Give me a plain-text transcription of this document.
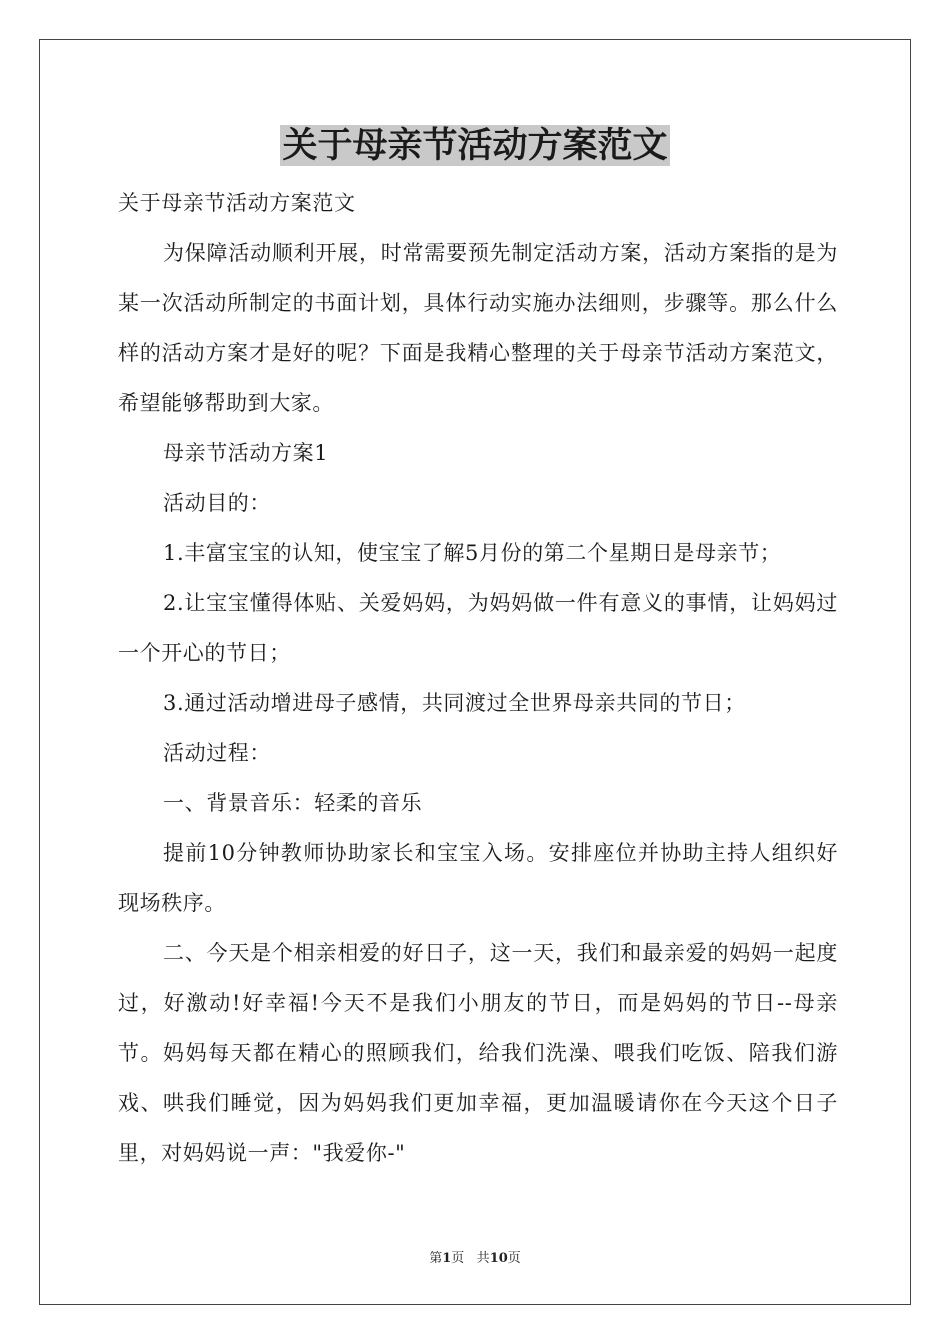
关于母亲节活动方案范文

关于母亲节活动方案范文

为保障活动顺利开展，时常需要预先制定活动方案，活动方案指的是为某一次活动所制定的书面计划，具体行动实施办法细则，步骤等。那么什么样的活动方案才是好的呢？下面是我精心整理的关于母亲节活动方案范文，希望能够帮助到大家。

母亲节活动方案1

活动目的：

1.丰富宝宝的认知，使宝宝了解5月份的第二个星期日是母亲节；

2.让宝宝懂得体贴、关爱妈妈，为妈妈做一件有意义的事情，让妈妈过一个开心的节日；

3.通过活动增进母子感情，共同渡过全世界母亲共同的节日；

活动过程：

一、背景音乐：轻柔的音乐

提前10分钟教师协助家长和宝宝入场。安排座位并协助主持人组织好现场秩序。

二、今天是个相亲相爱的好日子，这一天，我们和最亲爱的妈妈一起度过，好激动!好幸福!今天不是我们小朋友的节日，而是妈妈的节日--母亲节。妈妈每天都在精心的照顾我们，给我们洗澡、喂我们吃饭、陪我们游戏、哄我们睡觉，因为妈妈我们更加幸福，更加温暖请你在今天这个日子里，对妈妈说一声："我爱你-"

第1页 共10页
